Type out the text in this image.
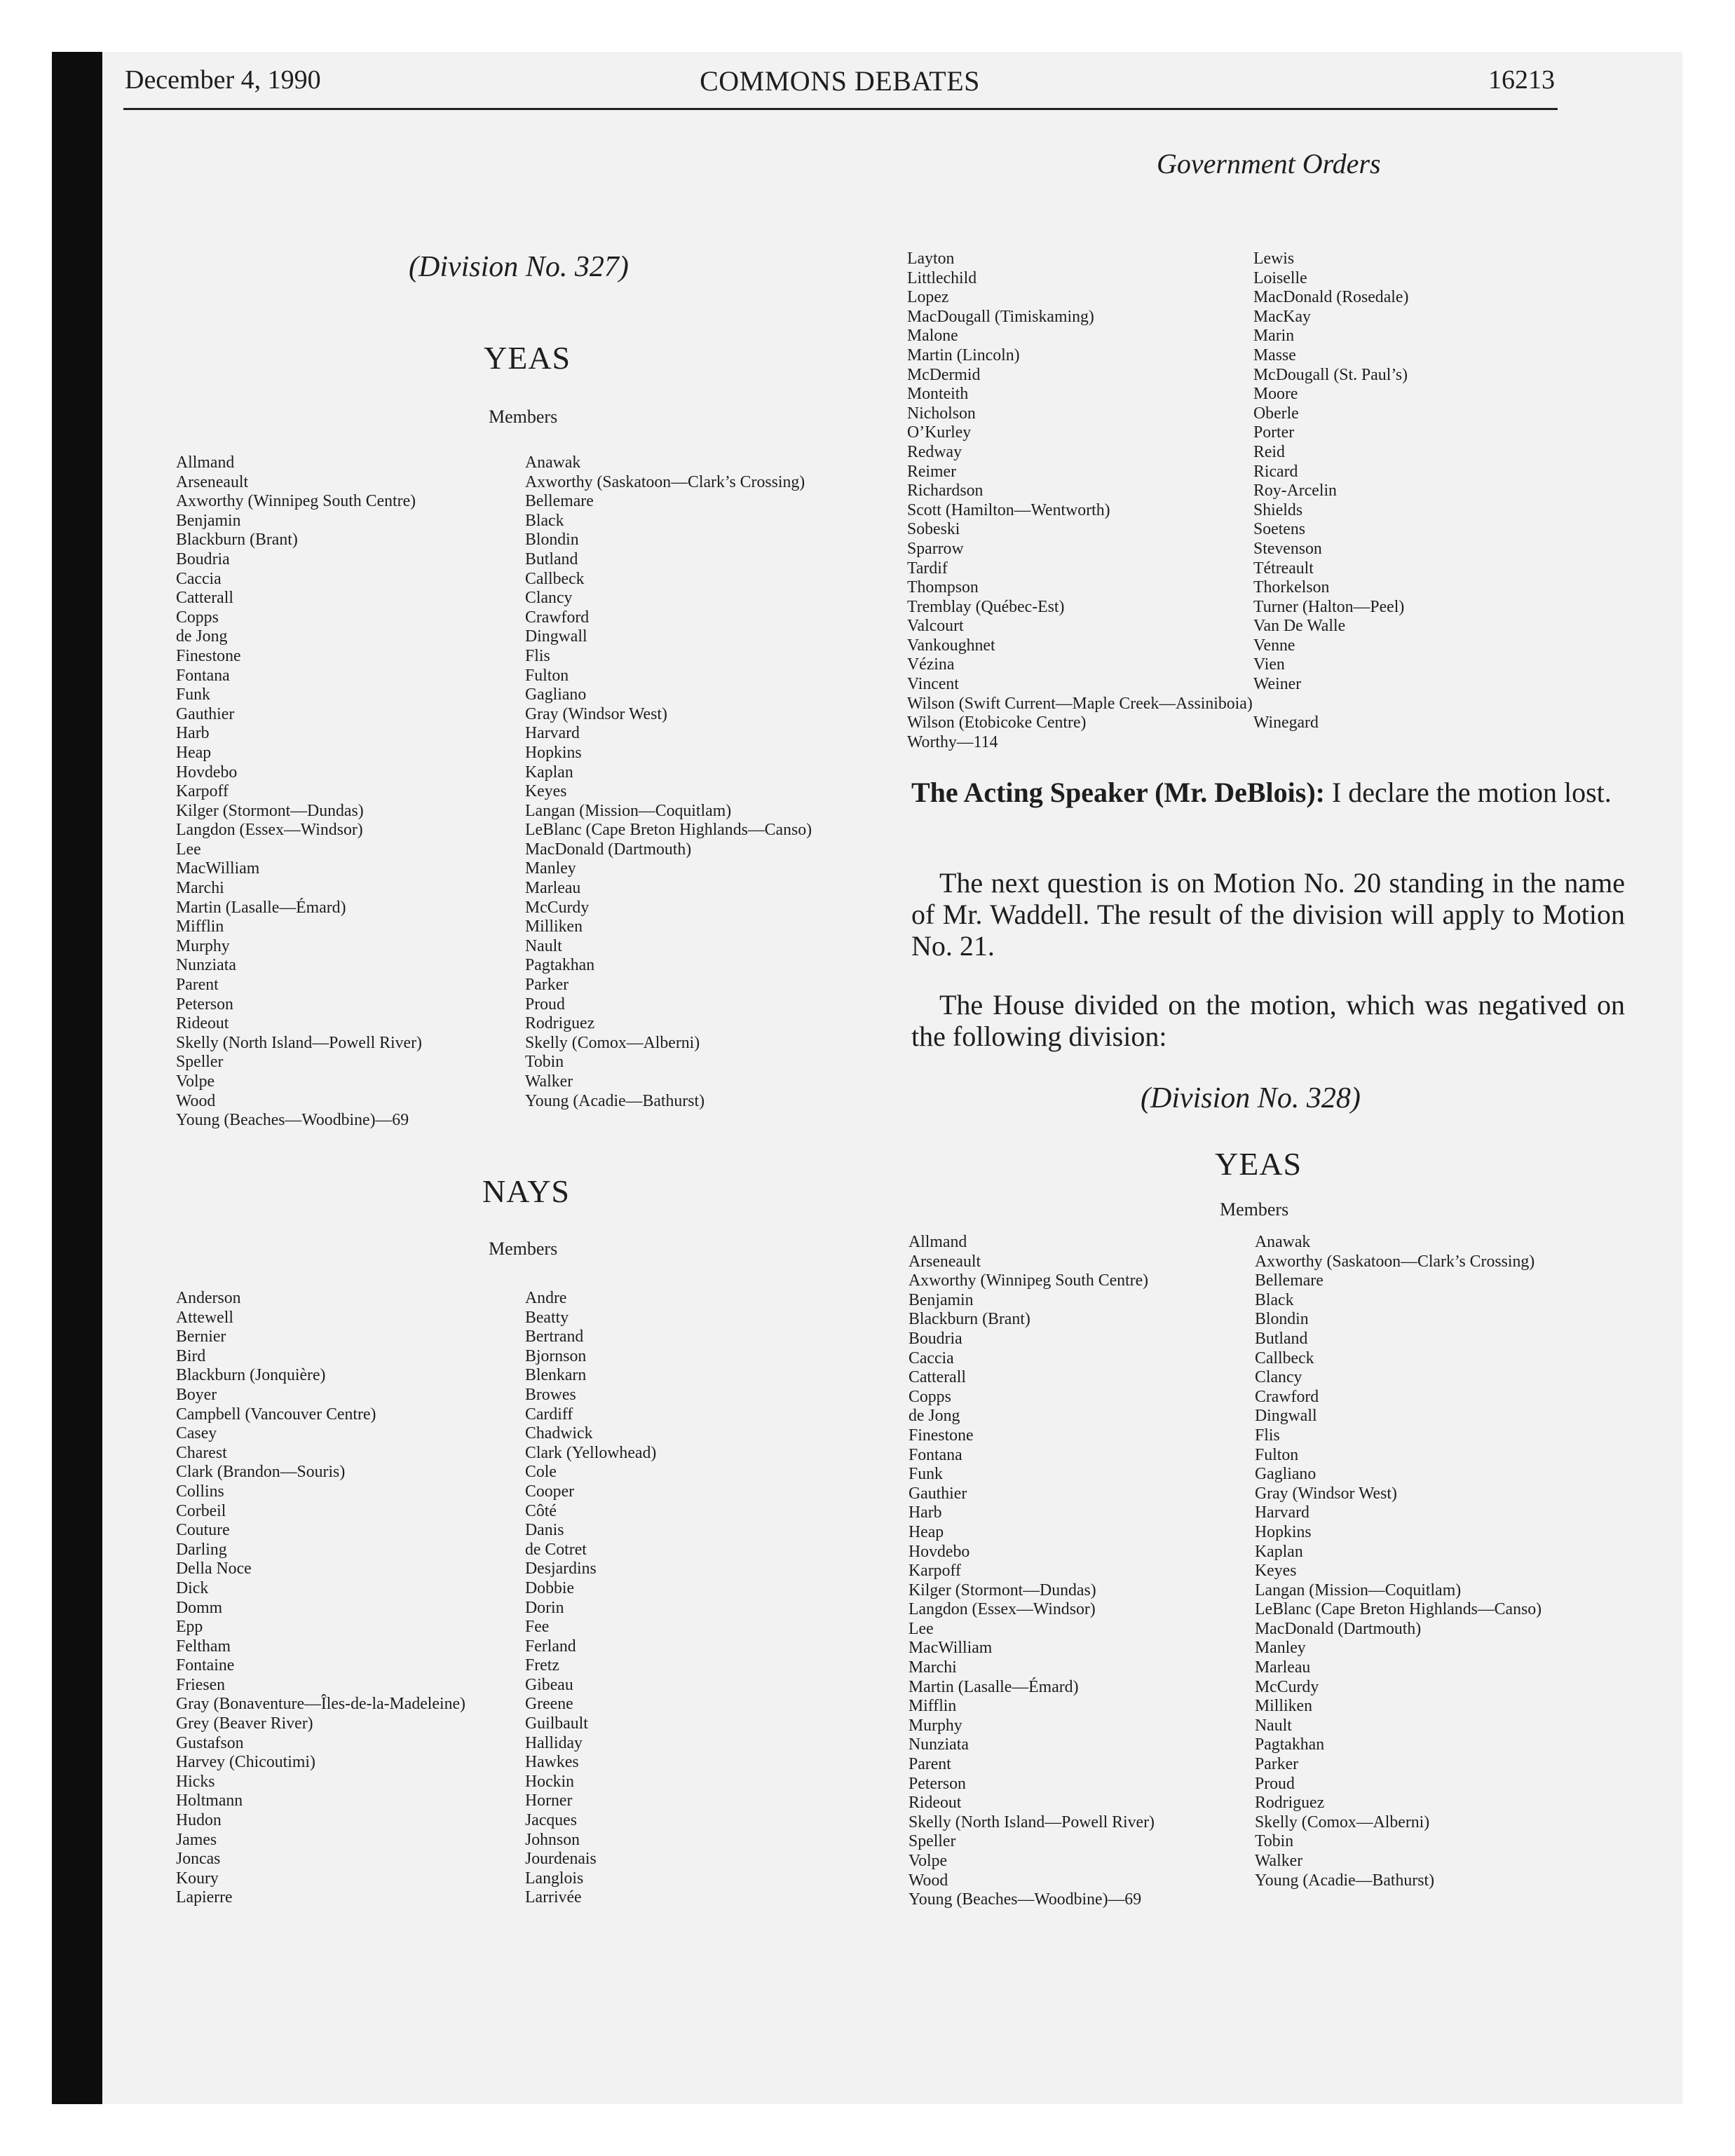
December 4, 1990	COMMONS DEBATES	16213
Government Orders
(Division No. 327)
YEAS
Members
Allmand
Arseneault
Axworthy (Winnipeg South Centre)
Benjamin
Blackburn (Brant)
Boudria
Caccia
Catterall
Copps
de Jong
Finestone
Fontana
Funk
Gauthier
Harb
Heap
Hovdebo
Karpoff
Kilger (Stormont—Dundas)
Langdon (Essex—Windsor)
Lee
MacWilliam
Marchi
Martin (Lasalle—Émard)
Mifflin
Murphy
Nunziata
Parent
Peterson
Rideout
Skelly (North Island—Powell River)
Speller
Volpe
Wood
Young (Beaches—Woodbine)—69
Anawak
Axworthy (Saskatoon—Clark’s Crossing)
Bellemare
Black
Blondin
Butland
Callbeck
Clancy
Crawford
Dingwall
Flis
Fulton
Gagliano
Gray (Windsor West)
Harvard
Hopkins
Kaplan
Keyes
Langan (Mission—Coquitlam)
LeBlanc (Cape Breton Highlands—Canso)
MacDonald (Dartmouth)
Manley
Marleau
McCurdy
Milliken
Nault
Pagtakhan
Parker
Proud
Rodriguez
Skelly (Comox—Alberni)
Tobin
Walker
Young (Acadie—Bathurst)
NAYS
Members
Anderson
Attewell
Bernier
Bird
Blackburn (Jonquière)
Boyer
Campbell (Vancouver Centre)
Casey
Charest
Clark (Brandon—Souris)
Collins
Corbeil
Couture
Darling
Della Noce
Dick
Domm
Epp
Feltham
Fontaine
Friesen
Gray (Bonaventure—Îles-de-la-Madeleine)
Grey (Beaver River)
Gustafson
Harvey (Chicoutimi)
Hicks
Holtmann
Hudon
James
Joncas
Koury
Lapierre
Andre
Beatty
Bertrand
Bjornson
Blenkarn
Browes
Cardiff
Chadwick
Clark (Yellowhead)
Cole
Cooper
Côté
Danis
de Cotret
Desjardins
Dobbie
Dorin
Fee
Ferland
Fretz
Gibeau
Greene
Guilbault
Halliday
Hawkes
Hockin
Horner
Jacques
Johnson
Jourdenais
Langlois
Larrivée
Layton
Littlechild
Lopez
MacDougall (Timiskaming)
Malone
Martin (Lincoln)
McDermid
Monteith
Nicholson
O’Kurley
Redway
Reimer
Richardson
Scott (Hamilton—Wentworth)
Sobeski
Sparrow
Tardif
Thompson
Tremblay (Québec-Est)
Valcourt
Vankoughnet
Vézina
Vincent
Wilson (Swift Current—Maple Creek—Assiniboia)
Wilson (Etobicoke Centre)
Worthy—114
Lewis
Loiselle
MacDonald (Rosedale)
MacKay
Marin
Masse
McDougall (St. Paul’s)
Moore
Oberle
Porter
Reid
Ricard
Roy-Arcelin
Shields
Soetens
Stevenson
Tétreault
Thorkelson
Turner (Halton—Peel)
Van De Walle
Venne
Vien
Weiner
Winegard
The Acting Speaker (Mr. DeBlois): I declare the motion lost.
The next question is on Motion No. 20 standing in the name of Mr. Waddell. The result of the division will apply to Motion No. 21.
The House divided on the motion, which was negatived on the following division:
(Division No. 328)
YEAS
Members
Allmand
Arseneault
Axworthy (Winnipeg South Centre)
Benjamin
Blackburn (Brant)
Boudria
Caccia
Catterall
Copps
de Jong
Finestone
Fontana
Funk
Gauthier
Harb
Heap
Hovdebo
Karpoff
Kilger (Stormont—Dundas)
Langdon (Essex—Windsor)
Lee
MacWilliam
Marchi
Martin (Lasalle—Émard)
Mifflin
Murphy
Nunziata
Parent
Peterson
Rideout
Skelly (North Island—Powell River)
Speller
Volpe
Wood
Young (Beaches—Woodbine)—69
Anawak
Axworthy (Saskatoon—Clark’s Crossing)
Bellemare
Black
Blondin
Butland
Callbeck
Clancy
Crawford
Dingwall
Flis
Fulton
Gagliano
Gray (Windsor West)
Harvard
Hopkins
Kaplan
Keyes
Langan (Mission—Coquitlam)
LeBlanc (Cape Breton Highlands—Canso)
MacDonald (Dartmouth)
Manley
Marleau
McCurdy
Milliken
Nault
Pagtakhan
Parker
Proud
Rodriguez
Skelly (Comox—Alberni)
Tobin
Walker
Young (Acadie—Bathurst)
